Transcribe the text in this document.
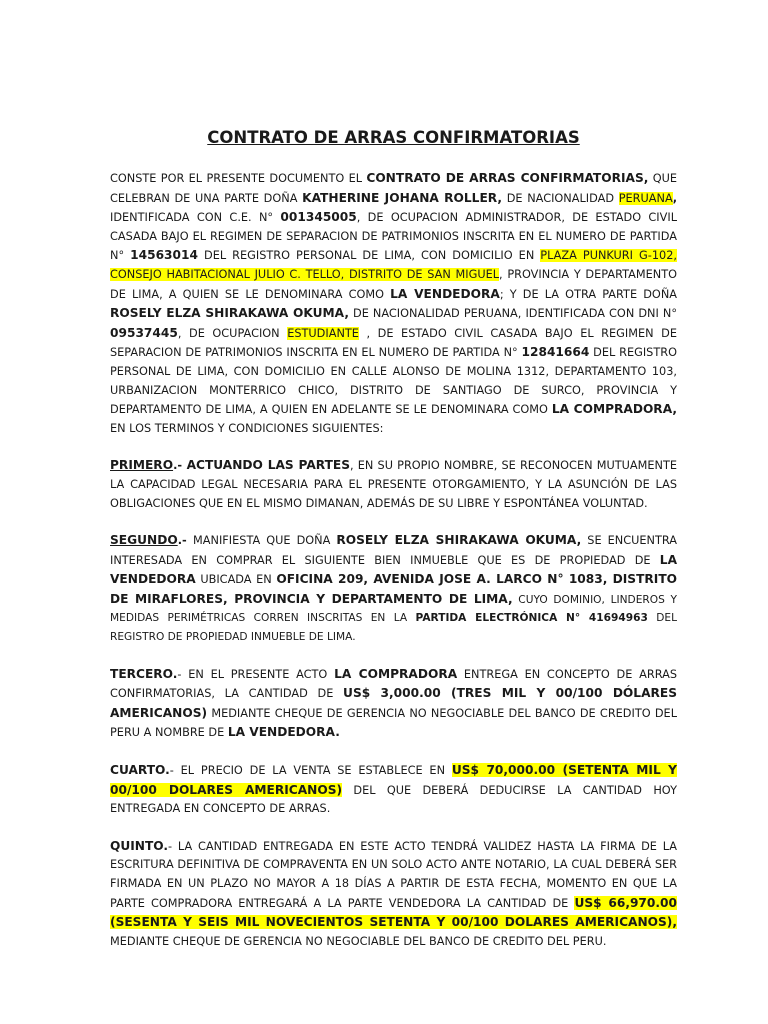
CONTRATO DE ARRAS CONFIRMATORIAS

CONSTE POR EL PRESENTE DOCUMENTO EL CONTRATO DE ARRAS CONFIRMATORIAS, QUE CELEBRAN DE UNA PARTE DOÑA KATHERINE JOHANA ROLLER, DE NACIONALIDAD PERUANA, IDENTIFICADA CON C.E. N° 001345005, DE OCUPACION ADMINISTRADOR, DE ESTADO CIVIL CASADA BAJO EL REGIMEN DE SEPARACION DE PATRIMONIOS INSCRITA EN EL NUMERO DE PARTIDA N° 14563014 DEL REGISTRO PERSONAL DE LIMA, CON DOMICILIO EN PLAZA PUNKURI G-102, CONSEJO HABITACIONAL JULIO C. TELLO, DISTRITO DE SAN MIGUEL, PROVINCIA Y DEPARTAMENTO DE LIMA, A QUIEN SE LE DENOMINARA COMO LA VENDEDORA; Y DE LA OTRA PARTE DOÑA ROSELY ELZA SHIRAKAWA OKUMA, DE NACIONALIDAD PERUANA, IDENTIFICADA CON DNI N° 09537445, DE OCUPACION ESTUDIANTE , DE ESTADO CIVIL CASADA BAJO EL REGIMEN DE SEPARACION DE PATRIMONIOS INSCRITA EN EL NUMERO DE PARTIDA N° 12841664 DEL REGISTRO PERSONAL DE LIMA, CON DOMICILIO EN CALLE ALONSO DE MOLINA 1312, DEPARTAMENTO 103, URBANIZACION MONTERRICO CHICO, DISTRITO DE SANTIAGO DE SURCO, PROVINCIA Y DEPARTAMENTO DE LIMA, A QUIEN EN ADELANTE SE LE DENOMINARA COMO LA COMPRADORA, EN LOS TERMINOS Y CONDICIONES SIGUIENTES:

PRIMERO.- ACTUANDO LAS PARTES, EN SU PROPIO NOMBRE, SE RECONOCEN MUTUAMENTE LA CAPACIDAD LEGAL NECESARIA PARA EL PRESENTE OTORGAMIENTO, Y LA ASUNCIÓN DE LAS OBLIGACIONES QUE EN EL MISMO DIMANAN, ADEMÁS DE SU LIBRE Y ESPONTÁNEA VOLUNTAD.

SEGUNDO.- MANIFIESTA QUE DOÑA ROSELY ELZA SHIRAKAWA OKUMA, SE ENCUENTRA INTERESADA EN COMPRAR EL SIGUIENTE BIEN INMUEBLE QUE ES DE PROPIEDAD DE LA VENDEDORA UBICADA EN OFICINA 209, AVENIDA JOSE A. LARCO N° 1083, DISTRITO DE MIRAFLORES, PROVINCIA Y DEPARTAMENTO DE LIMA, CUYO DOMINIO, LINDEROS Y MEDIDAS PERIMÉTRICAS CORREN INSCRITAS EN LA PARTIDA ELECTRÓNICA N° 41694963 DEL REGISTRO DE PROPIEDAD INMUEBLE DE LIMA.

TERCERO.- EN EL PRESENTE ACTO LA COMPRADORA ENTREGA EN CONCEPTO DE ARRAS CONFIRMATORIAS, LA CANTIDAD DE US$ 3,000.00 (TRES MIL Y 00/100 DÓLARES AMERICANOS) MEDIANTE CHEQUE DE GERENCIA NO NEGOCIABLE DEL BANCO DE CREDITO DEL PERU A NOMBRE DE LA VENDEDORA.

CUARTO.- EL PRECIO DE LA VENTA SE ESTABLECE EN US$ 70,000.00 (SETENTA MIL Y 00/100 DOLARES AMERICANOS) DEL QUE DEBERÁ DEDUCIRSE LA CANTIDAD HOY ENTREGADA EN CONCEPTO DE ARRAS.

QUINTO.- LA CANTIDAD ENTREGADA EN ESTE ACTO TENDRÁ VALIDEZ HASTA LA FIRMA DE LA ESCRITURA DEFINITIVA DE COMPRAVENTA EN UN SOLO ACTO ANTE NOTARIO, LA CUAL DEBERÁ SER FIRMADA EN UN PLAZO NO MAYOR A 18 DÍAS A PARTIR DE ESTA FECHA, MOMENTO EN QUE LA PARTE COMPRADORA ENTREGARÁ A LA PARTE VENDEDORA LA CANTIDAD DE US$ 66,970.00 (SESENTA Y SEIS MIL NOVECIENTOS SETENTA Y 00/100 DOLARES AMERICANOS), MEDIANTE CHEQUE DE GERENCIA NO NEGOCIABLE DEL BANCO DE CREDITO DEL PERU.
